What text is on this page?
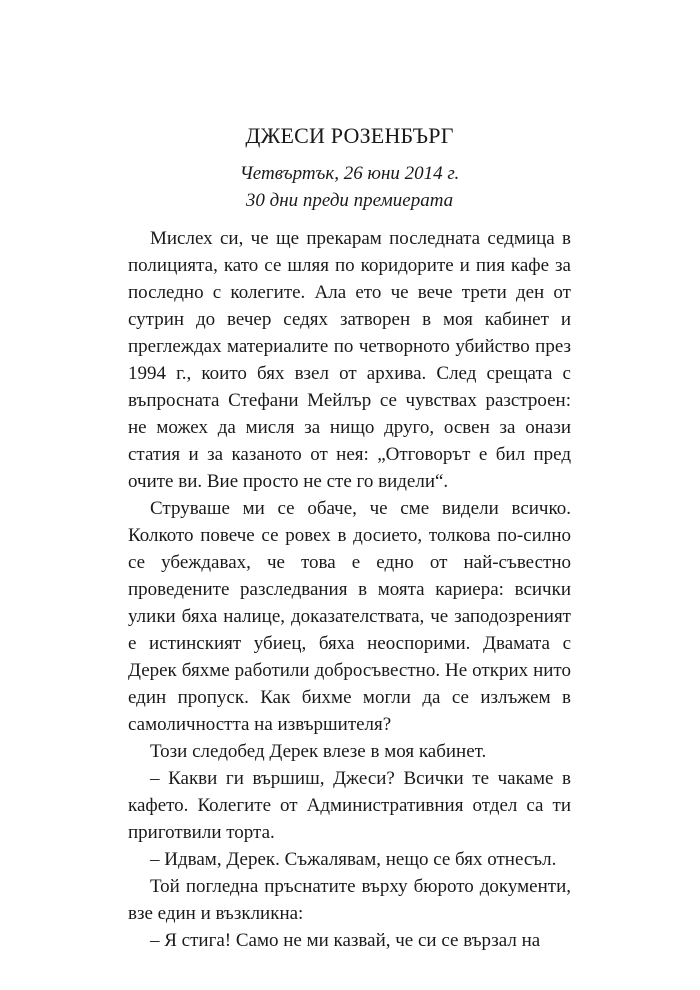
ДЖЕСИ РОЗЕНБЪРГ
Четвъртък, 26 юни 2014 г.
30 дни преди премиерата

Мислех си, че ще прекарам последната седмица в полицията, като се шляя по коридорите и пия кафе за последно с колегите. Ала ето че вече трети ден от сутрин до вечер седях затворен в моя кабинет и преглеждах материалите по четворното убийство през 1994 г., които бях взел от архива. След срещата с въпросната Стефани Мейлър се чувствах разстроен: не можех да мисля за нищо друго, освен за онази статия и за казаното от нея: „Отговорът е бил пред очите ви. Вие просто не сте го видели“.

Струваше ми се обаче, че сме видели всичко. Колкото повече се ровех в досието, толкова по-силно се убеждавах, че това е едно от най-съвестно проведените разследвания в моята кариера: всички улики бяха налице, доказателствата, че заподозреният е истинският убиец, бяха неоспорими. Двамата с Дерек бяхме работили добросъвестно. Не открих нито един пропуск. Как бихме могли да се излъжем в самоличността на извършителя?

Този следобед Дерек влезе в моя кабинет.

– Какви ги вършиш, Джеси? Всички те чакаме в кафето. Колегите от Административния отдел са ти приготвили торта.

– Идвам, Дерек. Съжалявам, нещо се бях отнесъл.

Той погледна пръснатите върху бюрото документи, взе един и възкликна:

– Я стига! Само не ми казвай, че си се вързал на
